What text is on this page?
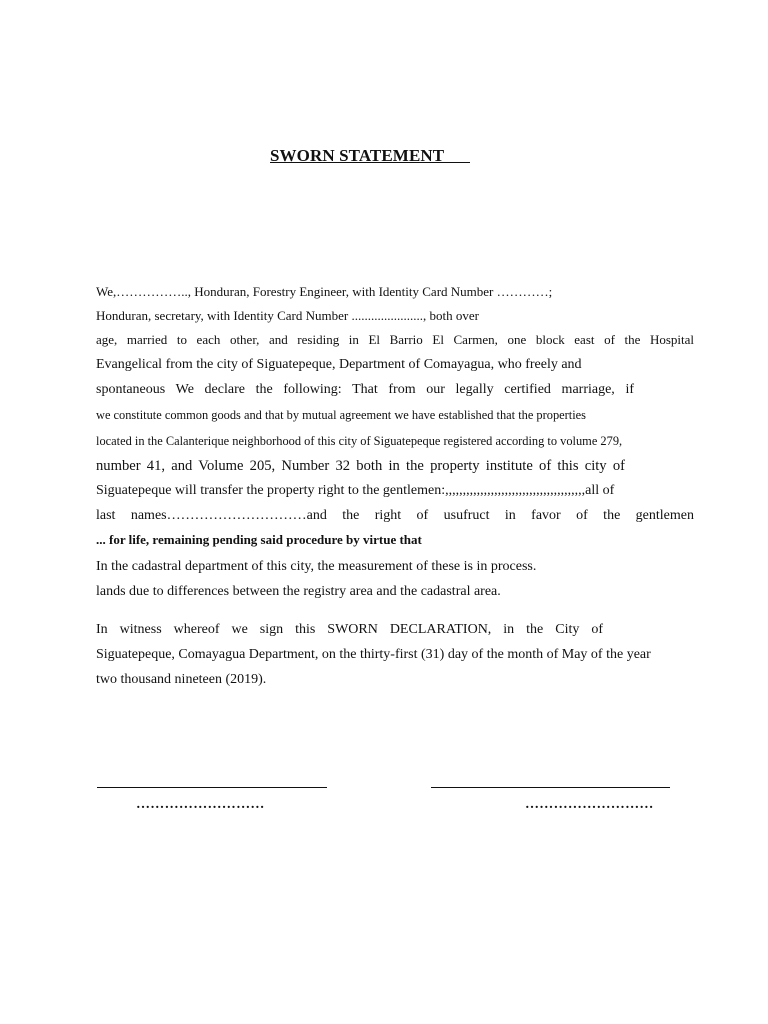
SWORN STATEMENT
We,…………….., Honduran, Forestry Engineer, with Identity Card Number …………;
Honduran, secretary, with Identity Card Number ......................, both over
age, married to each other, and residing in El Barrio El Carmen, one block east of the Hospital
Evangelical from the city of Siguatepeque, Department of Comayagua, who freely and
spontaneous We declare the following: That from our legally certified marriage, if
we constitute common goods and that by mutual agreement we have established that the properties
located in the Calanterique neighborhood of this city of Siguatepeque registered according to volume 279,
number 41, and Volume 205, Number 32 both in the property institute of this city of
Siguatepeque will transfer the property right to the gentlemen:,,,,,,,,,,,,,,,,,,,,,,,,,,,,,,,,,,,,,,,,all of
last names…………………………and the right of usufruct in favor of the gentlemen
... for life, remaining pending said procedure by virtue that
In the cadastral department of this city, the measurement of these is in process.
lands due to differences between the registry area and the cadastral area.
In witness whereof we sign this SWORN DECLARATION, in the City of
Siguatepeque, Comayagua Department, on the thirty-first (31) day of the month of May of the year
two thousand nineteen (2019).
………………………	………………………
